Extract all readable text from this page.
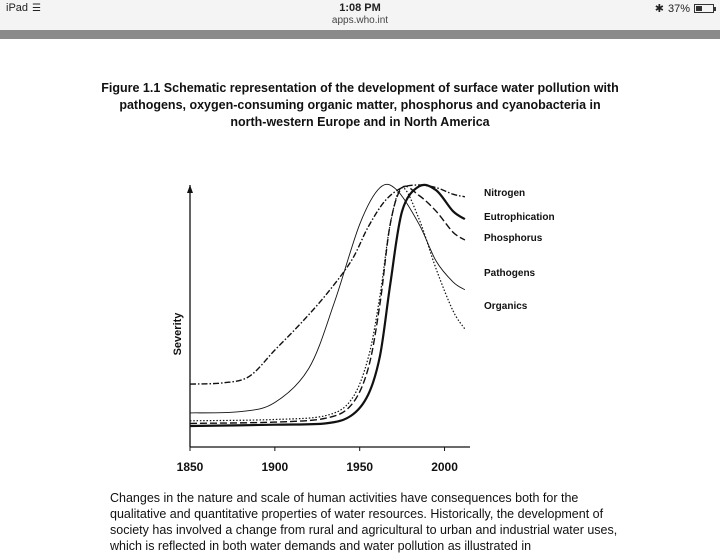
iPad ☰	1:08 PM
apps.who.int
✱ 37%
Figure 1.1 Schematic representation of the development of surface water pollution with pathogens, oxygen-consuming organic matter, phosphorus and cyanobacteria in north-western Europe and in North America
1850	1900	1950	2000
Severity
Nitrogen
Eutrophication
Phosphorus
Pathogens
Organics
Changes in the nature and scale of human activities have consequences both for the qualitative and quantitative properties of water resources. Historically, the development of society has involved a change from rural and agricultural to urban and industrial water uses, which is reflected in both water demands and water pollution as illustrated in
